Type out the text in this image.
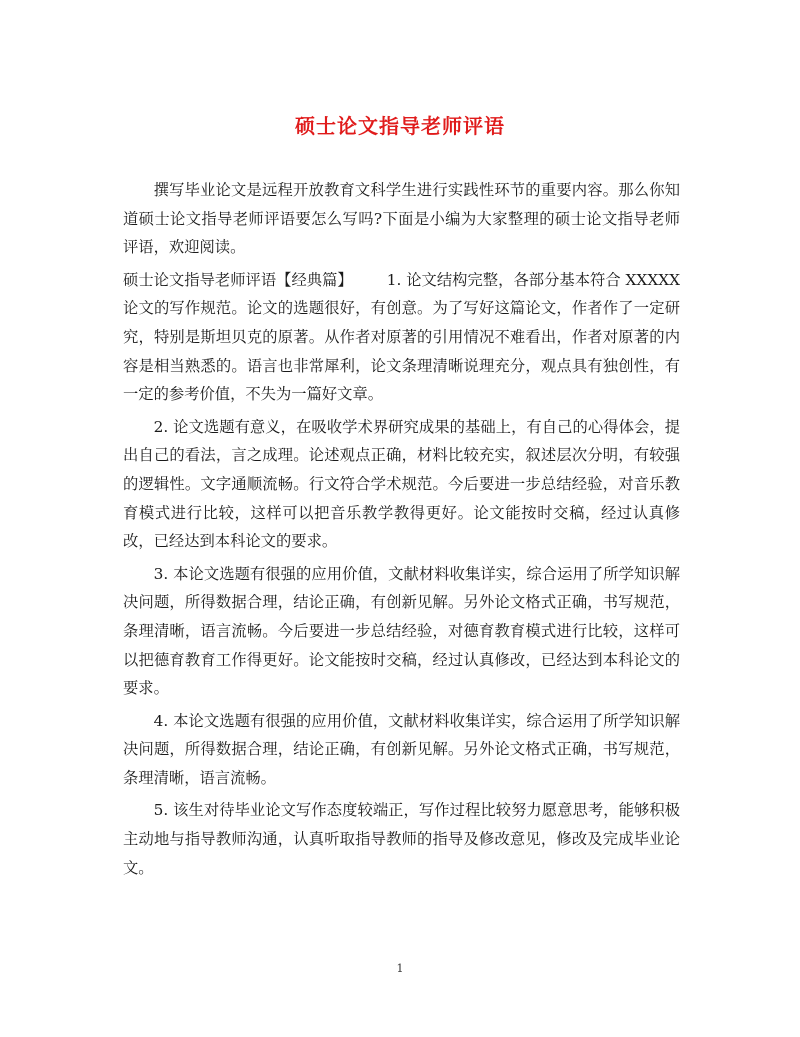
硕士论文指导老师评语

撰写毕业论文是远程开放教育文科学生进行实践性环节的重要内容。那么你知道硕士论文指导老师评语要怎么写吗?下面是小编为大家整理的硕士论文指导老师评语，欢迎阅读。

硕士论文指导老师评语【经典篇】 1. 论文结构完整，各部分基本符合 XXXXX 论文的写作规范。论文的选题很好，有创意。为了写好这篇论文，作者作了一定研究，特别是斯坦贝克的原著。从作者对原著的引用情况不难看出，作者对原著的内容是相当熟悉的。语言也非常犀利，论文条理清晰说理充分，观点具有独创性，有一定的参考价值，不失为一篇好文章。

2. 论文选题有意义，在吸收学术界研究成果的基础上，有自己的心得体会，提出自己的看法，言之成理。论述观点正确，材料比较充实，叙述层次分明，有较强的逻辑性。文字通顺流畅。行文符合学术规范。今后要进一步总结经验，对音乐教育模式进行比较，这样可以把音乐教学教得更好。论文能按时交稿，经过认真修改，已经达到本科论文的要求。

3. 本论文选题有很强的应用价值，文献材料收集详实，综合运用了所学知识解决问题，所得数据合理，结论正确，有创新见解。另外论文格式正确，书写规范，条理清晰，语言流畅。今后要进一步总结经验，对德育教育模式进行比较，这样可以把德育教育工作得更好。论文能按时交稿，经过认真修改，已经达到本科论文的要求。

4. 本论文选题有很强的应用价值，文献材料收集详实，综合运用了所学知识解决问题，所得数据合理，结论正确，有创新见解。另外论文格式正确，书写规范，条理清晰，语言流畅。

5. 该生对待毕业论文写作态度较端正，写作过程比较努力愿意思考，能够积极主动地与指导教师沟通，认真听取指导教师的指导及修改意见，修改及完成毕业论文。

1
